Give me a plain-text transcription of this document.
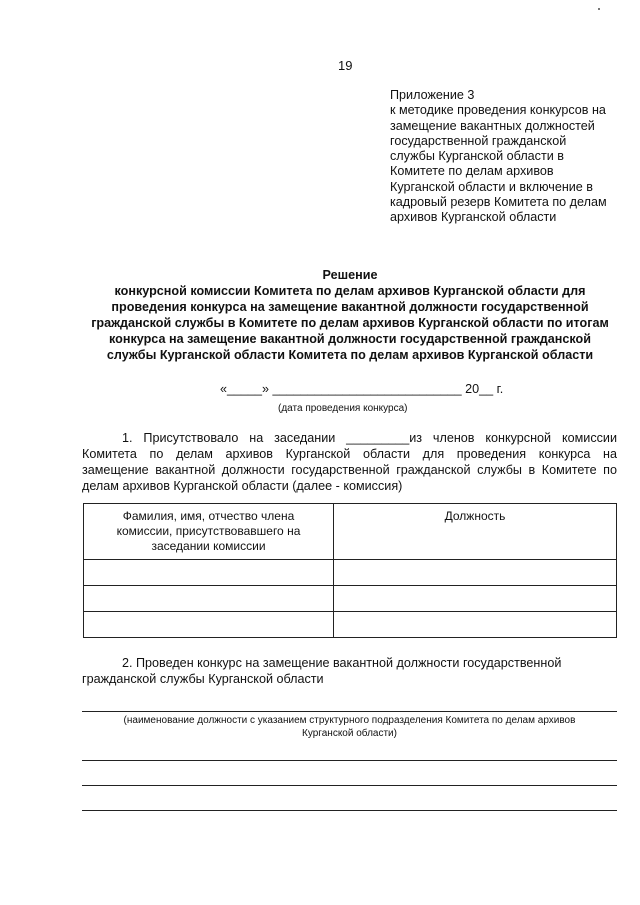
19
Приложение 3
к методике проведения конкурсов на
замещение вакантных должностей
государственной гражданской
службы Курганской области в
Комитете по делам архивов
Курганской области и включение в
кадровый резерв Комитета по делам
архивов Курганской области
Решение
конкурсной комиссии Комитета по делам архивов Курганской области для
проведения конкурса на замещение вакантной должности государственной
гражданской службы в Комитете по делам архивов Курганской области по итогам
конкурса на замещение вакантной должности государственной гражданской
службы Курганской области Комитета по делам архивов Курганской области
«_____» ___________________________ 20__ г.
(дата проведения конкурса)
1. Присутствовало на заседании _________из членов конкурсной комиссии
Комитета по делам архивов Курганской области для проведения конкурса на
замещение вакантной должности государственной гражданской службы в Комитете по
делам архивов Курганской области (далее - комиссия)
Фамилия, имя, отчество члена
комиссии, присутствовавшего на
заседании комиссии	Должность

2. Проведен конкурс на замещение вакантной должности государственной
гражданской службы Курганской области
(наименование должности с указанием структурного подразделения Комитета по делам архивов
Курганской области)
